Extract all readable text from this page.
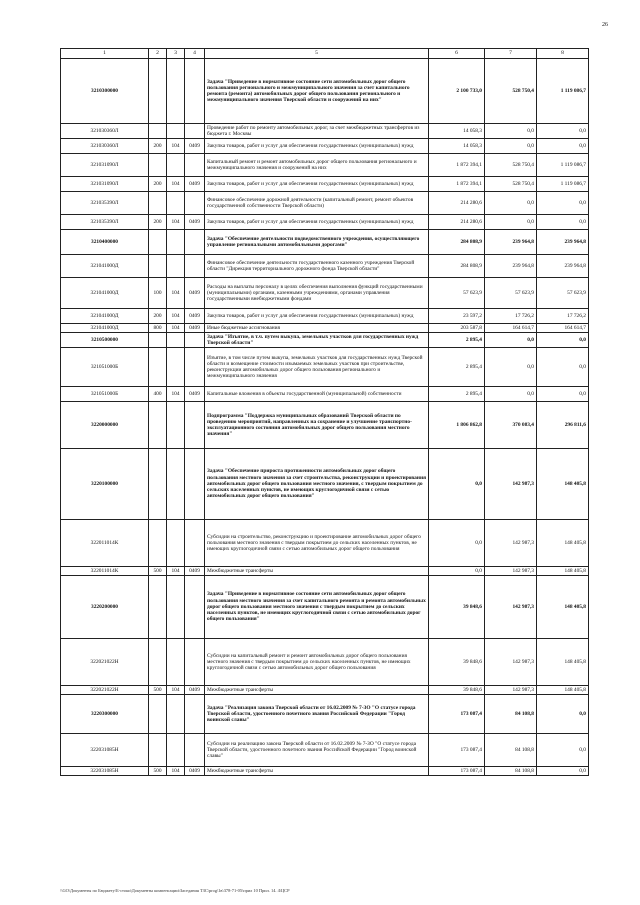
26
1	2	3	4	5	6	7	8
3210300000				Задача "Приведение в нормативное состояние сети автомобильных дорог общего пользования регионального и межмуниципального значения за счет капитального ремонта (ремонта) автомобильных дорог общего пользования регионального и межмуниципального значения Тверской области и сооружений на них"	2 100 733,0	528 750,4	1 119 086,7
321030360Л				Проведение работ по ремонту автомобильных дорог, за счет межбюджетных трансфертов из бюджета г. Москвы	14 058,3	0,0	0,0
321030360Л	200	104	0409	Закупка товаров, работ и услуг для обеспечения государственных (муниципальных) нужд	14 058,3	0,0	0,0
321031090Л				Капитальный ремонт и ремонт автомобильных дорог общего пользования регионального и межмуниципального значения и сооружений на них	1 872 394,1	528 750,4	1 119 086,7
321031090Л	200	104	0409	Закупка товаров, работ и услуг для обеспечения государственных (муниципальных) нужд	1 872 394,1	528 750,4	1 119 086,7
321035390Л				Финансовое обеспечение дорожной деятельности (капитальный ремонт, ремонт объектов государственной собственности Тверской области)	214 280,6	0,0	0,0
321035390Л	200	104	0409	Закупка товаров, работ и услуг для обеспечения государственных (муниципальных) нужд	214 280,6	0,0	0,0
3210400000				Задача "Обеспечение деятельности подведомственного учреждения, осуществляющего управление региональными автомобильными дорогами"	284 808,9	239 964,8	239 964,8
321041000Д				Финансовое обеспечение деятельности государственного казенного учреждения Тверской области "Дирекция территориального дорожного фонда Тверской области"	284 808,9	239 964,8	239 964,8
321041000Д	100	104	0409	Расходы на выплаты персоналу в целях обеспечения выполнения функций государственными (муниципальными) органами, казенными учреждениями, органами управления государственными внебюджетными фондами	57 623,9	57 623,9	57 623,9
321041000Д	200	104	0409	Закупка товаров, работ и услуг для обеспечения государственных (муниципальных) нужд	23 597,2	17 726,2	17 726,2
321041000Д	800	104	0409	Иные бюджетные ассигнования	203 587,8	164 614,7	164 614,7
3210500000				Задача "Изъятие, в т.ч. путем выкупа, земельных участков для государственных нужд Тверской области"	2 895,4	0,0	0,0
321051000Б				Изъятие, в том числе путем выкупа, земельных участков для государственных нужд Тверской области и возмещение стоимости изымаемых земельных участков при строительстве, реконструкции автомобильных дорог общего пользования регионального и межмуниципального значения	2 895,4	0,0	0,0
321051000Б	400	104	0409	Капитальные вложения в объекты государственной (муниципальной) собственности	2 895,4	0,0	0,0
3220000000				Подпрограмма "Поддержка муниципальных образований Тверской области по проведению мероприятий, направленных на сохранение и улучшение транспортно-эксплуатационного состояния автомобильных дорог общего пользования местного значения"	1 806 862,8	370 083,4	296 811,6
3220100000				Задача "Обеспечение прироста протяженности автомобильных дорог общего пользования местного значения за счет строительства, реконструкции и проектирования автомобильных дорог общего пользования местного значения, с твердым покрытием до сельских населенных пунктов, не имеющих круглогодичной связи с сетью автомобильных дорог общего пользования"	0,0	142 987,3	148 405,8
322011014К				Субсидии на строительство, реконструкцию и проектирование автомобильных дорог общего пользования местного значения с твердым покрытием до сельских населенных пунктов, не имеющих круглогодичной связи с сетью автомобильных дорог общего пользования	0,0	142 987,3	148 405,8
322011014К	500	104	0409	Межбюджетные трансферты	0,0	142 987,3	148 405,8
3220200000				Задача "Приведение в нормативное состояние сети автомобильных дорог общего пользования местного значения за счет капитального ремонта и ремонта автомобильных дорог общего пользования местного значения с твердым покрытием до сельских населенных пунктов, не имеющих круглогодичной связи с сетью автомобильных дорог общего пользования"	39 848,6	142 987,3	148 405,8
322021022Н				Субсидии на капитальный ремонт и ремонт автомобильных дорог общего пользования местного значения с твердым покрытием до сельских населенных пунктов, не имеющих круглогодичной связи с сетью автомобильных дорог общего пользования	39 848,6	142 987,3	148 405,8
322021022Н	500	104	0409	Межбюджетные трансферты	39 848,6	142 987,3	148 405,8
3220300000				Задача "Реализация закона Тверской области от 16.02.2009 № 7-ЗО "О статусе города Тверской области, удостоенного почетного звания Российской Федерации "Город воинской славы"	173 087,4	84 108,8	0,0
322031085Н				Субсидии на реализацию закона Тверской области от 16.02.2009 № 7-ЗО "О статусе города Тверской области, удостоенного почетного звания Российской Федерации "Город воинской славы"	173 087,4	84 108,8	0,0
322031085Н	500	104	0409	Межбюджетные трансферты	173 087,4	84 108,8	0,0
\\GO\Документы по Бюджету\Б-стоки\Документы компенсации\Заседания ТЗС\prog\1в\378-71-05\прил 10 Прил. 14. 4\ЦСР
